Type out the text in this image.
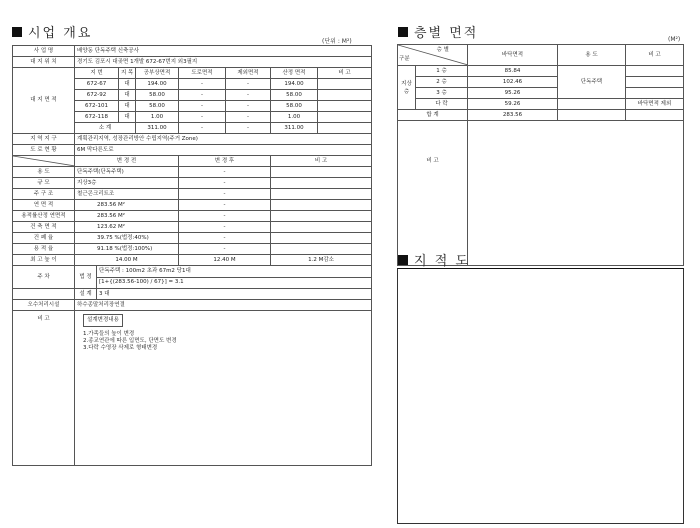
시업 개요
(단위 : M²)
사 업 명	배양동 단독주택 신축공사							
대 지 위 치	경기도 김포시 대곶면 1개발 672-67번지 외3필지							
대 지 면 적	지 번		지 목	공부상면적	도로면적	제외면적	산정 면적	비 고
	672-67		대	194.00	-	-	194.00	
	672-92		대	58.00	-	-	58.00	
	672-101		대	58.00	-	-	58.00	
	672-118		대	1.00	-	-	1.00	
	소 계			311.00	-	-	311.00	
지 역 지 구	계획관리지역, 성장관리방안 수립지역(주거 Zone)							
도 로 현 황	6M 막다른도로							

	변 경 전				변 경 후		비 고	
용 도	단독주택(단독주택)				-			
규 모	지상3층				-			
주 구 조	철근콘크리트조				-			
연 면 적	283.56 M²				-			
용적률산정 연면적	283.56 M²				-			
건 축 면 적	123.62 M²				-			
건 폐 율	39.75 %(법정:40%)				-			
용 적 율	91.18 %(법정:100%)				-			
최 고 높 이	14.00 M				12.40 M		1.2 M감소	
주 차	법 정	단독주택 : 100m2 초과 67m2 당1대						
		[1+{(283.56-100) / 67}] = 3.1						
	설 계	3 대						
오수처리시설	하수종말처리장연결							
비 고	설계변경내용
1.가족들의 높이 변경
2.종교연관에 따른 입면도, 단면도 변경
3.다락 수영장 삭제로 형태변경							
층별 면적	(M²)
층 별
구분		바닥면적	용 도	비 고
지상층	1 층	85.84	단독주택	
	2 층	102.46		
	3 층	95.26		
	다 락	59.26		바닥면적 제외
합 계		283.56		
비 고				
지 적 도
